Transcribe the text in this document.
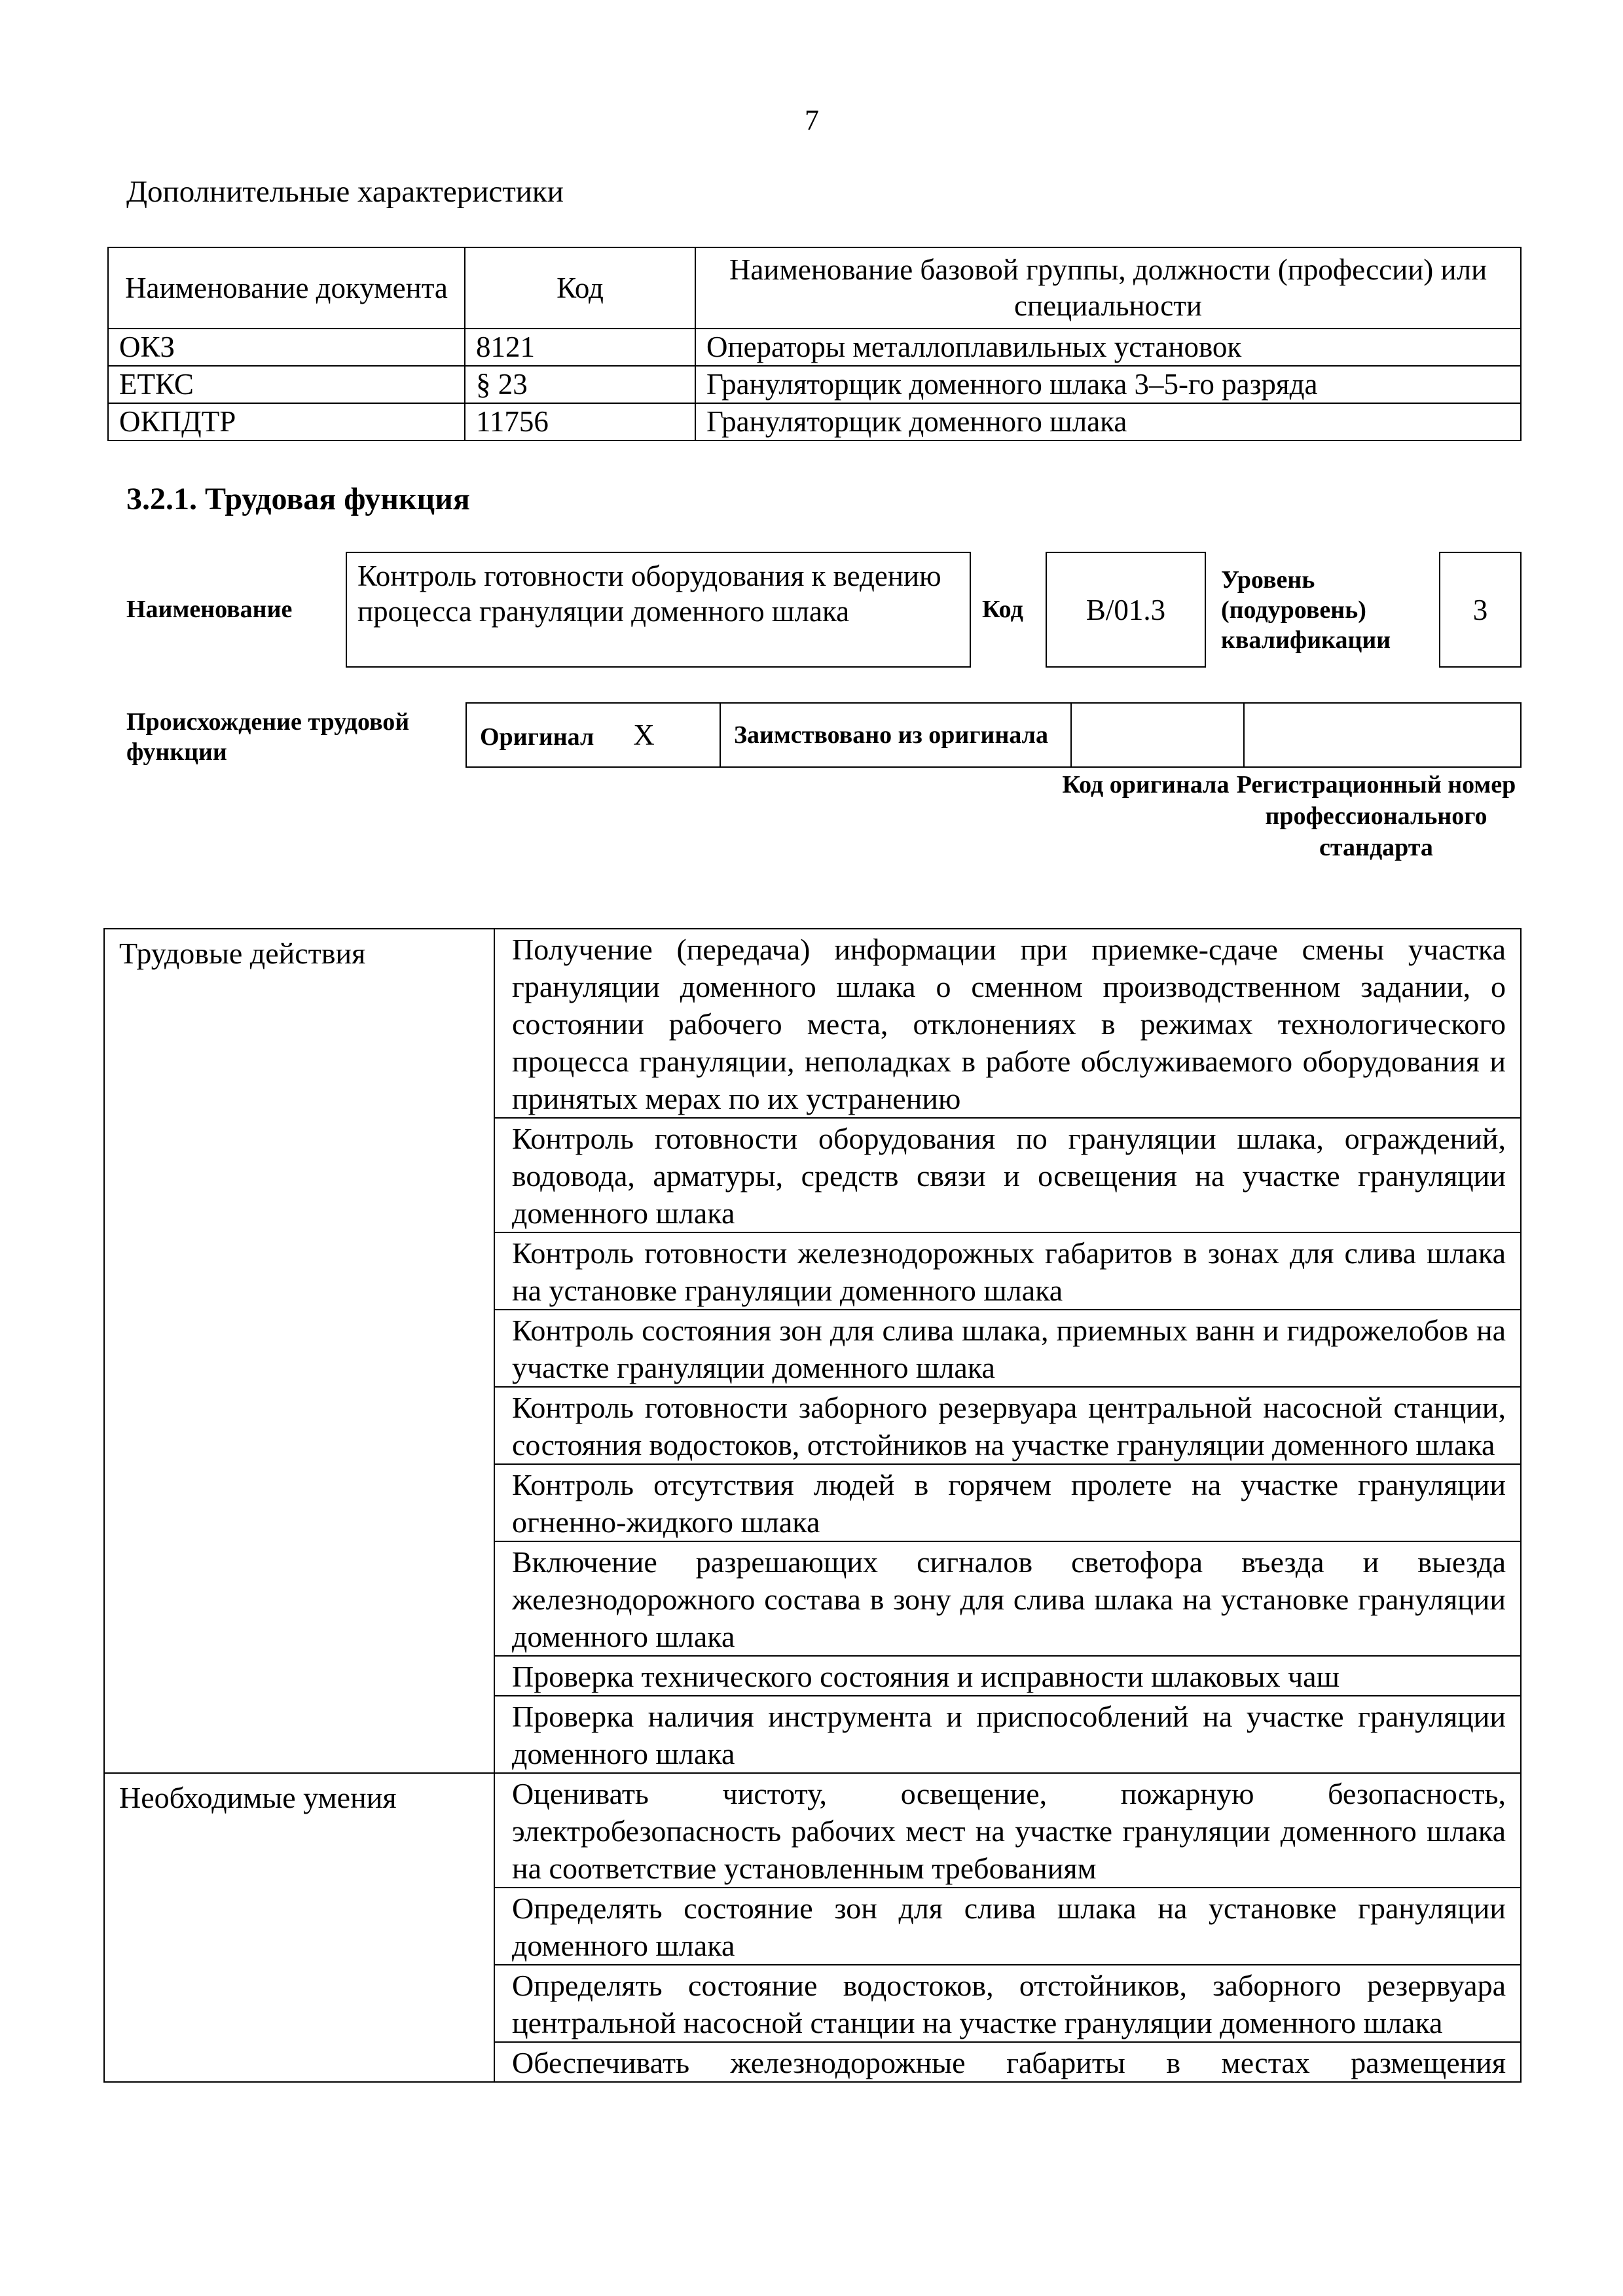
7
Дополнительные характеристики
Наименование документа	Код	Наименование базовой группы, должности (профессии) или специальности
ОКЗ	8121	Операторы металлоплавильных установок
ЕТКС	§ 23	Грануляторщик доменного шлака 3–5-го разряда
ОКПДТР	11756	Грануляторщик доменного шлака
3.2.1. Трудовая функция
Наименование
Контроль готовности оборудования к ведению процесса грануляции доменного шлака	Код	B/01.3
Уровень (подуровень) квалификации
3
Происхождение трудовой функции
Оригинал X	Заимствовано из оригинала		
Код оригинала Регистрационный номер профессионального стандарта
Трудовые действия	Получение (передача) информации при приемке-сдаче смены участка грануляции доменного шлака о сменном производственном задании, о состоянии рабочего места, отклонениях в режимах технологического процесса грануляции, неполадках в работе обслуживаемого оборудования и принятых мерах по их устранению
	Контроль готовности оборудования по грануляции шлака, ограждений, водовода, арматуры, средств связи и освещения на участке грануляции доменного шлака
	Контроль готовности железнодорожных габаритов в зонах для слива шлака на установке грануляции доменного шлака
	Контроль состояния зон для слива шлака, приемных ванн и гидрожелобов на участке грануляции доменного шлака
	Контроль готовности заборного резервуара центральной насосной станции, состояния водостоков, отстойников на участке грануляции доменного шлака
	Контроль отсутствия людей в горячем пролете на участке грануляции огненно-жидкого шлака
	Включение разрешающих сигналов светофора въезда и выезда железнодорожного состава в зону для слива шлака на установке грануляции доменного шлака
	Проверка технического состояния и исправности шлаковых чаш
	Проверка наличия инструмента и приспособлений на участке грануляции доменного шлака
Необходимые умения	Оценивать чистоту, освещение, пожарную безопасность, электробезопасность рабочих мест на участке грануляции доменного шлака на соответствие установленным требованиям
	Определять состояние зон для слива шлака на установке грануляции доменного шлака
	Определять состояние водостоков, отстойников, заборного резервуара центральной насосной станции на участке грануляции доменного шлака
	Обеспечивать железнодорожные габариты в местах размещения
